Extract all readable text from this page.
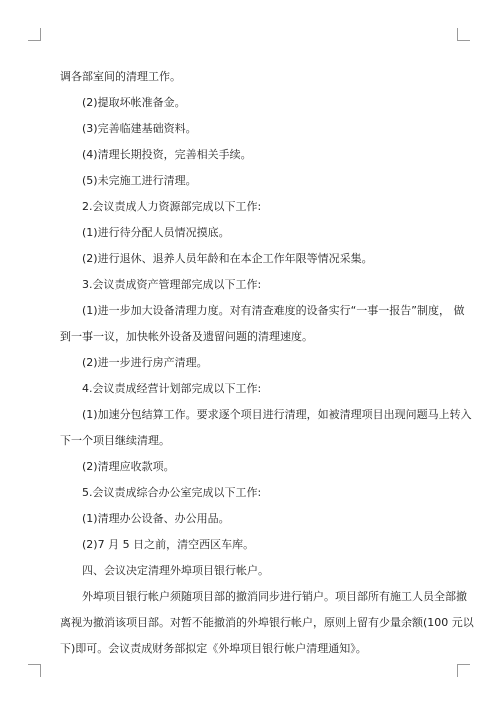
调各部室间的清理工作。
(2)提取坏帐准备金。
(3)完善临建基础资料。
(4)清理长期投资，完善相关手续。
(5)未完施工进行清理。
2.会议责成人力资源部完成以下工作:
(1)进行待分配人员情况摸底。
(2)进行退休、退养人员年龄和在本企工作年限等情况采集。
3.会议责成资产管理部完成以下工作:
(1)进一步加大设备清理力度。对有清查难度的设备实行“一事一报告”制度， 做
到一事一议，加快帐外设备及遗留问题的清理速度。
(2)进一步进行房产清理。
4.会议责成经营计划部完成以下工作:
(1)加速分包结算工作。要求逐个项目进行清理，如被清理项目出现问题马上转入
下一个项目继续清理。
(2)清理应收款项。
5.会议责成综合办公室完成以下工作:
(1)清理办公设备、办公用品。
(2)7 月 5 日之前，清空西区车库。
四、会议决定清理外埠项目银行帐户。
外埠项目银行帐户须随项目部的撤消同步进行销户。项目部所有施工人员全部撤
离视为撤消该项目部。对暂不能撤消的外埠银行帐户，原则上留有少量余额(100 元以
下)即可。会议责成财务部拟定《外埠项目银行帐户清理通知》。
